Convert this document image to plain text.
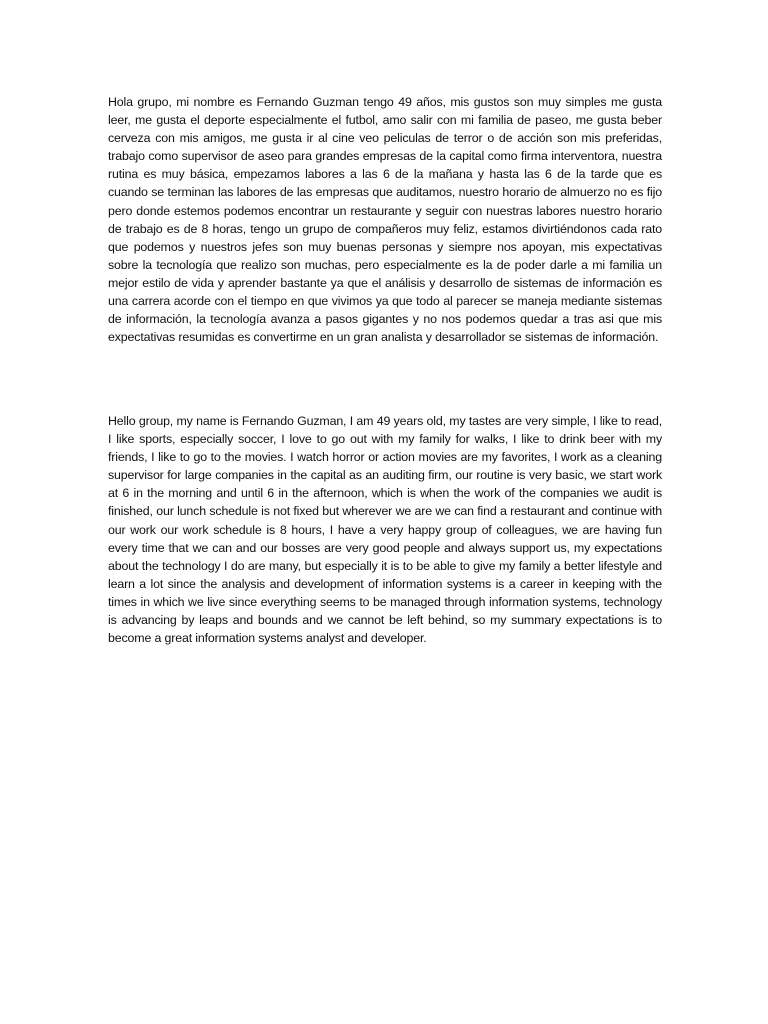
Hola grupo, mi nombre es Fernando Guzman tengo 49 años, mis gustos son muy simples me gusta leer, me gusta el deporte especialmente el futbol, amo salir con mi familia de paseo, me gusta beber cerveza con mis amigos, me gusta ir al cine veo peliculas de terror o de acción son mis preferidas, trabajo como supervisor de aseo para grandes empresas de la capital como firma interventora, nuestra rutina es muy básica, empezamos labores a las 6 de la mañana y hasta las 6 de la tarde que es cuando se terminan las labores de las empresas que auditamos, nuestro horario de almuerzo no es fijo pero donde estemos podemos encontrar un restaurante y seguir con nuestras labores nuestro horario de trabajo es de 8 horas, tengo un grupo de compañeros muy feliz, estamos divirtiéndonos cada rato que podemos y nuestros jefes son muy buenas personas y siempre nos apoyan, mis expectativas sobre la tecnología que realizo son muchas, pero especialmente es la de poder darle a mi familia un mejor estilo de vida y aprender bastante ya que el análisis y desarrollo de sistemas de información es una carrera acorde con el tiempo en que vivimos ya que todo al parecer se maneja mediante sistemas de información, la tecnología avanza a pasos gigantes y no nos podemos quedar a tras asi que mis expectativas resumidas es convertirme en un gran analista y desarrollador se sistemas de información.

Hello group, my name is Fernando Guzman, I am 49 years old, my tastes are very simple, I like to read, I like sports, especially soccer, I love to go out with my family for walks, I like to drink beer with my friends, I like to go to the movies. I watch horror or action movies are my favorites, I work as a cleaning supervisor for large companies in the capital as an auditing firm, our routine is very basic, we start work at 6 in the morning and until 6 in the afternoon, which is when the work of the companies we audit is finished, our lunch schedule is not fixed but wherever we are we can find a restaurant and continue with our work our work schedule is 8 hours, I have a very happy group of colleagues, we are having fun every time that we can and our bosses are very good people and always support us, my expectations about the technology I do are many, but especially it is to be able to give my family a better lifestyle and learn a lot since the analysis and development of information systems is a career in keeping with the times in which we live since everything seems to be managed through information systems, technology is advancing by leaps and bounds and we cannot be left behind, so my summary expectations is to become a great information systems analyst and developer.
